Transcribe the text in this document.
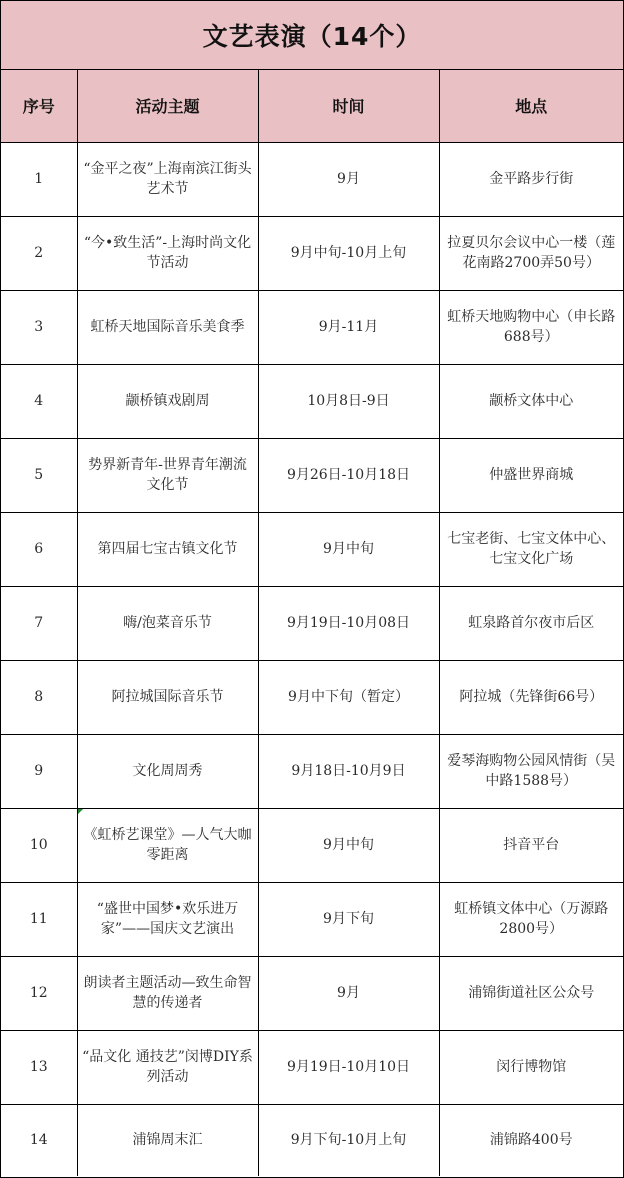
文艺表演（14个）
序号	活动主题	时间	地点
1	“金平之夜”上海南滨江街头艺术节	9月	金平路步行街
2	“今•致生活”-上海时尚文化节活动	9月中旬-10月上旬	拉夏贝尔会议中心一楼（莲花南路2700弄50号）
3	虹桥天地国际音乐美食季	9月-11月	虹桥天地购物中心（申长路688号）
4	颛桥镇戏剧周	10月8日-9日	颛桥文体中心
5	势界新青年-世界青年潮流文化节	9月26日-10月18日	仲盛世界商城
6	第四届七宝古镇文化节	9月中旬	七宝老街、七宝文体中心、七宝文化广场
7	嗨/泡菜音乐节	9月19日-10月08日	虹泉路首尔夜市后区
8	阿拉城国际音乐节	9月中下旬（暂定）	阿拉城（先锋街66号）
9	文化周周秀	9月18日-10月9日	爱琴海购物公园风情街（吴中路1588号）
10	《虹桥艺课堂》—人气大咖零距离	9月中旬	抖音平台
11	“盛世中国梦•欢乐进万家”——国庆文艺演出	9月下旬	虹桥镇文体中心（万源路2800号）
12	朗读者主题活动—致生命智慧的传递者	9月	浦锦街道社区公众号
13	“品文化 通技艺”闵博DIY系列活动	9月19日-10月10日	闵行博物馆
14	浦锦周末汇	9月下旬-10月上旬	浦锦路400号
